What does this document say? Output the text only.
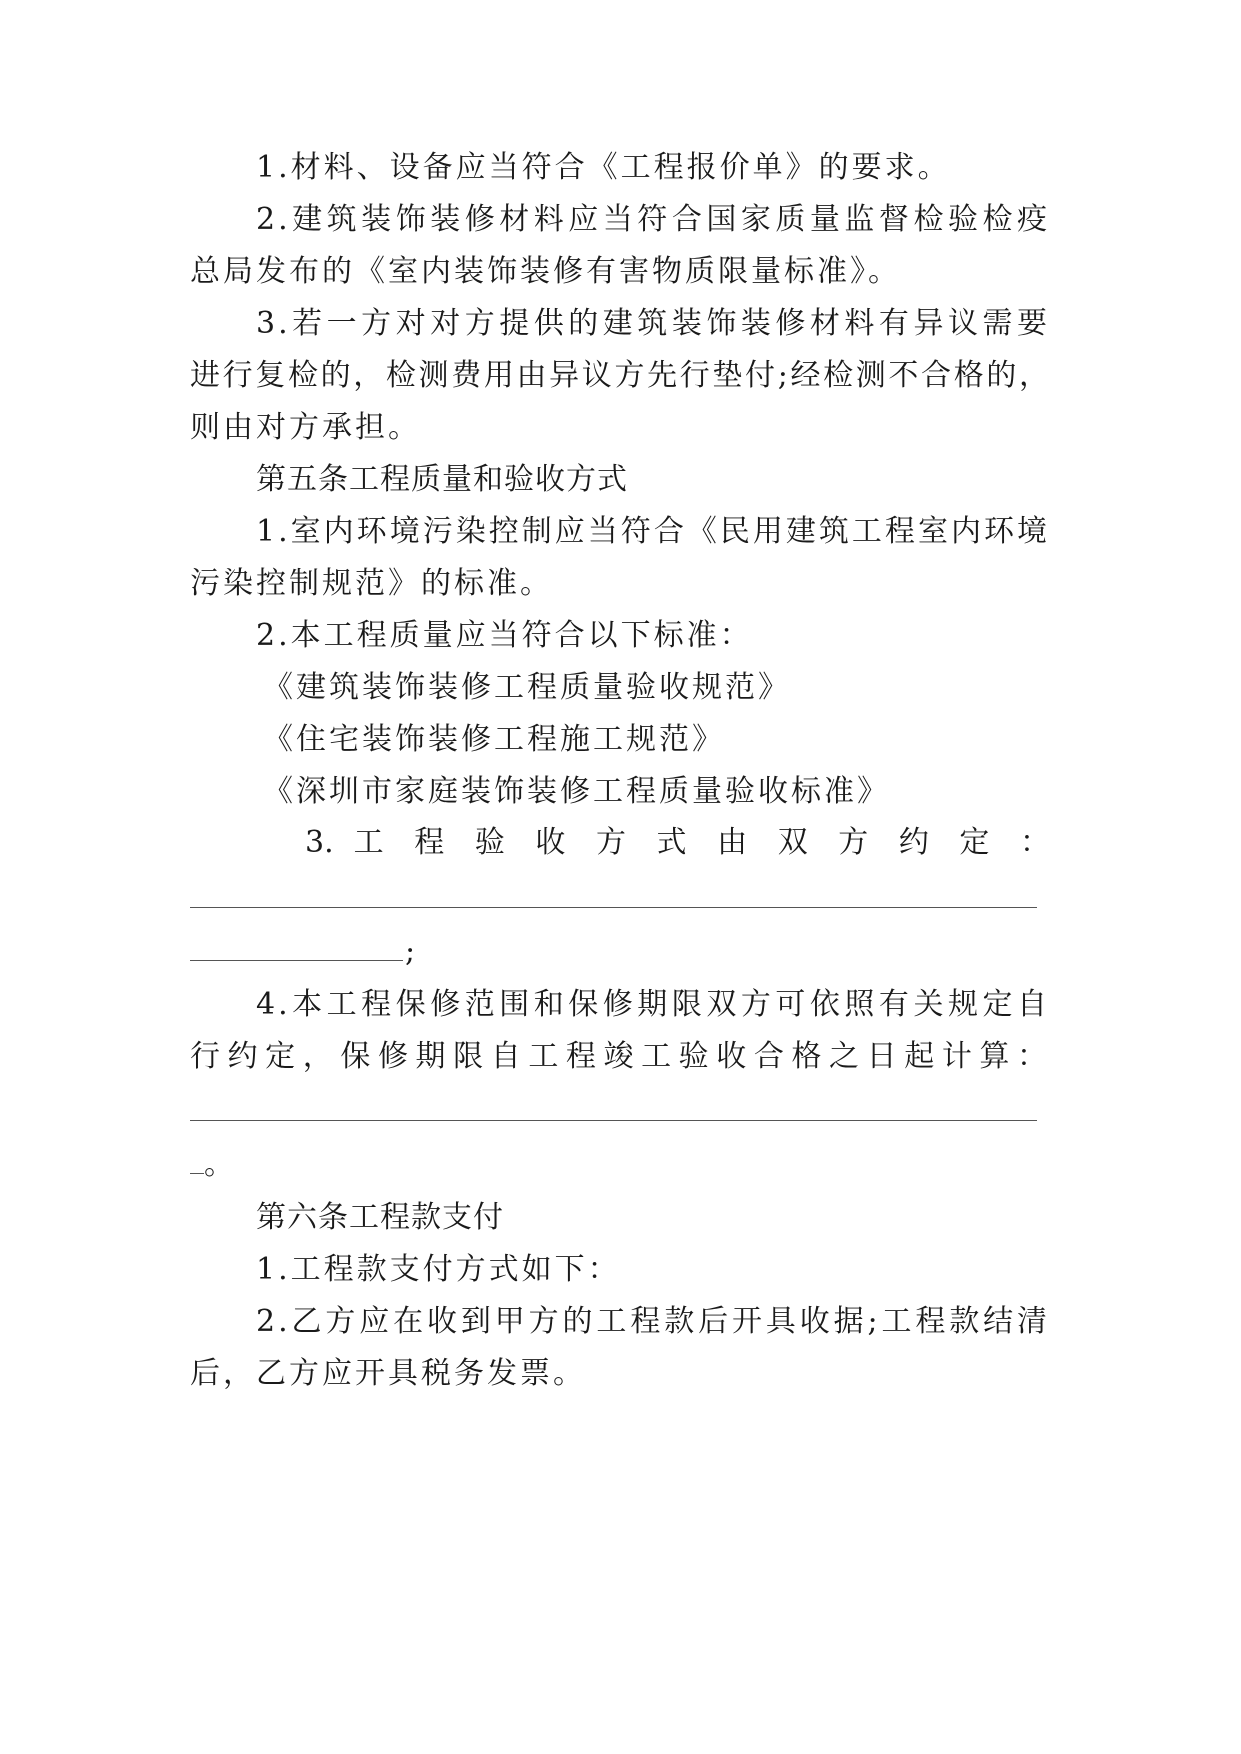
1.材料、设备应当符合《工程报价单》的要求。
2.建筑装饰装修材料应当符合国家质量监督检验检疫
总局发布的《室内装饰装修有害物质限量标准》。
3.若一方对对方提供的建筑装饰装修材料有异议需要
进行复检的，检测费用由异议方先行垫付;经检测不合格的，
则由对方承担。
第五条工程质量和验收方式
1.室内环境污染控制应当符合《民用建筑工程室内环境
污染控制规范》的标准。
2.本工程质量应当符合以下标准：
《建筑装饰装修工程质量验收规范》
《住宅装饰装修工程施工规范》
《深圳市家庭装饰装修工程质量验收标准》
3. 工 程 验 收 方 式 由 双 方 约 定 ：
;
4.本工程保修范围和保修期限双方可依照有关规定自
行约定，保修期限自工程竣工验收合格之日起计算：
。
第六条工程款支付
1.工程款支付方式如下：
2.乙方应在收到甲方的工程款后开具收据;工程款结清
后，乙方应开具税务发票。
